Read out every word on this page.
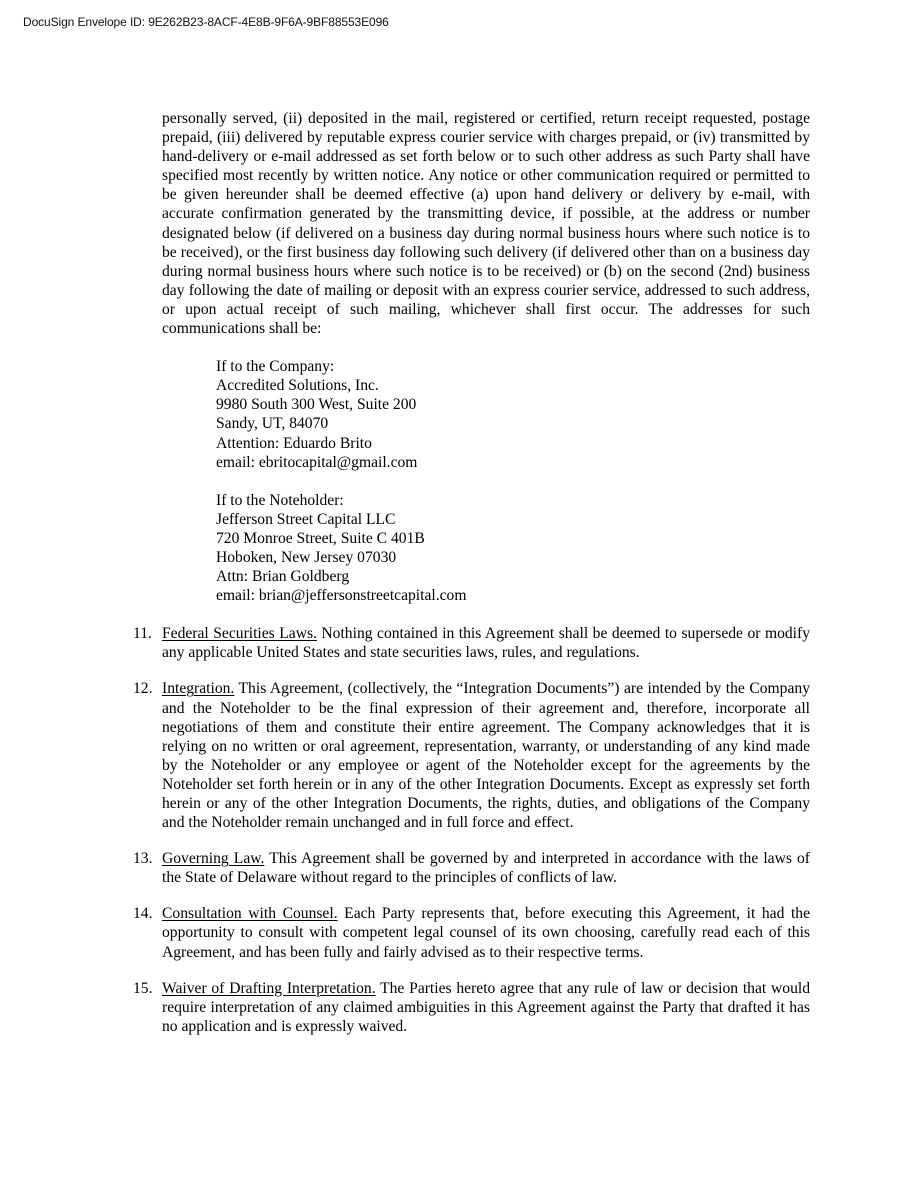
DocuSign Envelope ID: 9E262B23-8ACF-4E8B-9F6A-9BF88553E096

personally served, (ii) deposited in the mail, registered or certified, return receipt requested, postage prepaid, (iii) delivered by reputable express courier service with charges prepaid, or (iv) transmitted by hand-delivery or e-mail addressed as set forth below or to such other address as such Party shall have specified most recently by written notice. Any notice or other communication required or permitted to be given hereunder shall be deemed effective (a) upon hand delivery or delivery by e-mail, with accurate confirmation generated by the transmitting device, if possible, at the address or number designated below (if delivered on a business day during normal business hours where such notice is to be received), or the first business day following such delivery (if delivered other than on a business day during normal business hours where such notice is to be received) or (b) on the second (2nd) business day following the date of mailing or deposit with an express courier service, addressed to such address, or upon actual receipt of such mailing, whichever shall first occur. The addresses for such communications shall be:

If to the Company:
Accredited Solutions, Inc.
9980 South 300 West, Suite 200
Sandy, UT, 84070
Attention: Eduardo Brito
email: ebritocapital@gmail.com

If to the Noteholder:
Jefferson Street Capital LLC
720 Monroe Street, Suite C 401B
Hoboken, New Jersey 07030
Attn: Brian Goldberg
email: brian@jeffersonstreetcapital.com

11. Federal Securities Laws. Nothing contained in this Agreement shall be deemed to supersede or modify any applicable United States and state securities laws, rules, and regulations.
12. Integration. This Agreement, (collectively, the “Integration Documents”) are intended by the Company and the Noteholder to be the final expression of their agreement and, therefore, incorporate all negotiations of them and constitute their entire agreement. The Company acknowledges that it is relying on no written or oral agreement, representation, warranty, or understanding of any kind made by the Noteholder or any employee or agent of the Noteholder except for the agreements by the Noteholder set forth herein or in any of the other Integration Documents. Except as expressly set forth herein or any of the other Integration Documents, the rights, duties, and obligations of the Company and the Noteholder remain unchanged and in full force and effect.
13. Governing Law. This Agreement shall be governed by and interpreted in accordance with the laws of the State of Delaware without regard to the principles of conflicts of law.
14. Consultation with Counsel. Each Party represents that, before executing this Agreement, it had the opportunity to consult with competent legal counsel of its own choosing, carefully read each of this Agreement, and has been fully and fairly advised as to their respective terms.
15. Waiver of Drafting Interpretation. The Parties hereto agree that any rule of law or decision that would require interpretation of any claimed ambiguities in this Agreement against the Party that drafted it has no application and is expressly waived.
